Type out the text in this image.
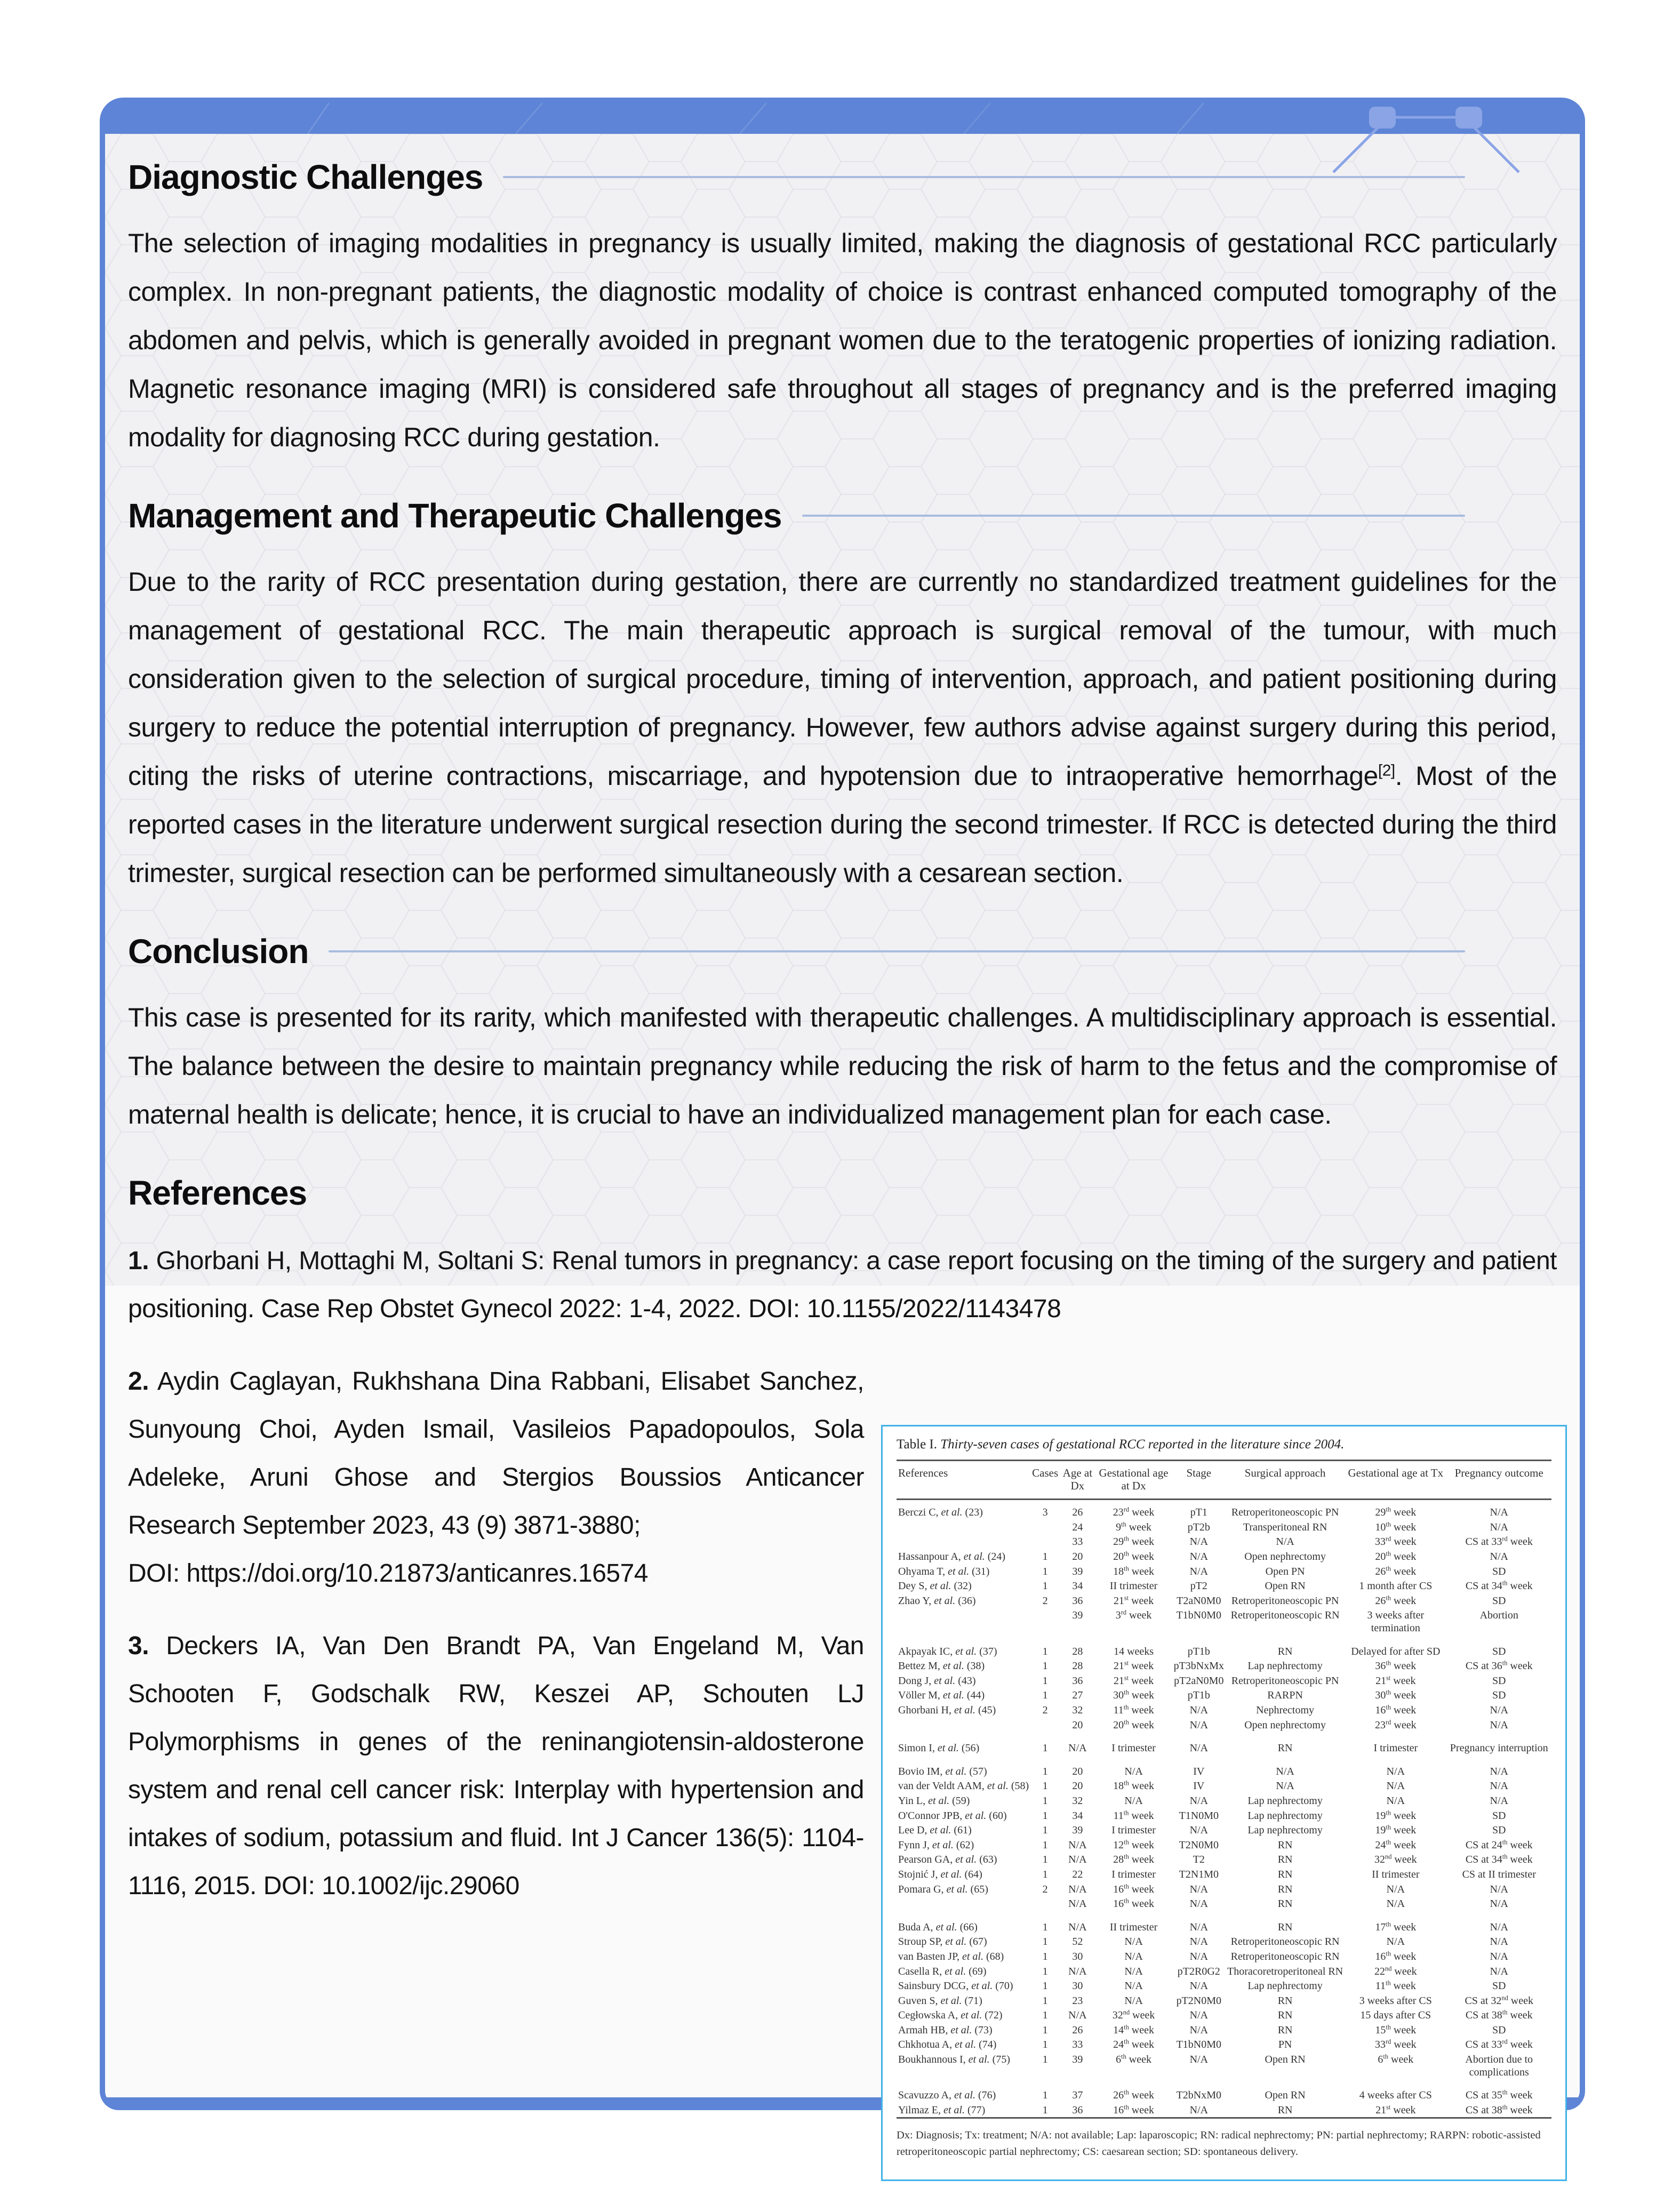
Diagnostic Challenges

The selection of imaging modalities in pregnancy is usually limited, making the diagnosis of gestational RCC particularly complex. In non-pregnant patients, the diagnostic modality of choice is contrast enhanced computed tomography of the abdomen and pelvis, which is generally avoided in pregnant women due to the teratogenic properties of ionizing radiation. Magnetic resonance imaging (MRI) is considered safe throughout all stages of pregnancy and is the preferred imaging modality for diagnosing RCC during gestation.

Management and Therapeutic Challenges

Due to the rarity of RCC presentation during gestation, there are currently no standardized treatment guidelines for the management of gestational RCC. The main therapeutic approach is surgical removal of the tumour, with much consideration given to the selection of surgical procedure, timing of intervention, approach, and patient positioning during surgery to reduce the potential interruption of pregnancy. However, few authors advise against surgery during this period, citing the risks of uterine contractions, miscarriage, and hypotension due to intraoperative hemorrhage[2]. Most of the reported cases in the literature underwent surgical resection during the second trimester. If RCC is detected during the third trimester, surgical resection can be performed simultaneously with a cesarean section.

Conclusion

This case is presented for its rarity, which manifested with therapeutic challenges. A multidisciplinary approach is essential. The balance between the desire to maintain pregnancy while reducing the risk of harm to the fetus and the compromise of maternal health is delicate; hence, it is crucial to have an individualized management plan for each case.

References

1. Ghorbani H, Mottaghi M, Soltani S: Renal tumors in pregnancy: a case report focusing on the timing of the surgery and patient positioning. Case Rep Obstet Gynecol 2022: 1-4, 2022. DOI: 10.1155/2022/1143478

2. Aydin Caglayan, Rukhshana Dina Rabbani, Elisabet Sanchez, Sunyoung Choi, Ayden Ismail, Vasileios Papadopoulos, Sola Adeleke, Aruni Ghose and Stergios Boussios Anticancer Research September 2023, 43 (9) 3871-3880;
DOI: https://doi.org/10.21873/anticanres.16574

3. Deckers IA, Van Den Brandt PA, Van Engeland M, Van Schooten F, Godschalk RW, Keszei AP, Schouten LJ Polymorphisms in genes of the reninangiotensin-aldosterone system and renal cell cancer risk: Interplay with hypertension and intakes of sodium, potassium and fluid. Int J Cancer 136(5): 1104-1116, 2015. DOI: 10.1002/ijc.29060

Table I. Thirty-seven cases of gestational RCC reported in the literature since 2004.

References	Cases	Age at Dx	Gestational age at Dx	Stage	Surgical approach	Gestational age at Tx	Pregnancy outcome
Berczi C, et al. (23)	3	26	23rd week	pT1	Retroperitoneoscopic PN	29th week	N/A
		24	9th week	pT2b	Transperitoneal RN	10th week	N/A
		33	29th week	N/A	N/A	33rd week	CS at 33rd week
Hassanpour A, et al. (24)	1	20	20th week	N/A	Open nephrectomy	20th week	N/A
Ohyama T, et al. (31)	1	39	18th week	N/A	Open PN	26th week	SD
Dey S, et al. (32)	1	34	II trimester	pT2	Open RN	1 month after CS	CS at 34th week
Zhao Y, et al. (36)	2	36	21st week	T2aN0M0	Retroperitoneoscopic PN	26th week	SD
		39	3rd week	T1bN0M0	Retroperitoneoscopic RN	3 weeks after termination	Abortion
Akpayak IC, et al. (37)	1	28	14 weeks	pT1b	RN	Delayed for after SD	SD
Bettez M, et al. (38)	1	28	21st week	pT3bNxMx	Lap nephrectomy	36th week	CS at 36th week
Dong J, et al. (43)	1	36	21st week	pT2aN0M0	Retroperitoneoscopic PN	21st week	SD
Völler M, et al. (44)	1	27	30th week	pT1b	RARPN	30th week	SD
Ghorbani H, et al. (45)	2	32	11th week	N/A	Nephrectomy	16th week	N/A
		20	20th week	N/A	Open nephrectomy	23rd week	N/A
Simon I, et al. (56)	1	N/A	I trimester	N/A	RN	I trimester	Pregnancy interruption
Bovio IM, et al. (57)	1	20	N/A	IV	N/A	N/A	N/A
van der Veldt AAM, et al. (58)	1	20	18th week	IV	N/A	N/A	N/A
Yin L, et al. (59)	1	32	N/A	N/A	Lap nephrectomy	N/A	N/A
O'Connor JPB, et al. (60)	1	34	11th week	T1N0M0	Lap nephrectomy	19th week	SD
Lee D, et al. (61)	1	39	I trimester	N/A	Lap nephrectomy	19th week	SD
Fynn J, et al. (62)	1	N/A	12th week	T2N0M0	RN	24th week	CS at 24th week
Pearson GA, et al. (63)	1	N/A	28th week	T2	RN	32nd week	CS at 34th week
Stojnić J, et al. (64)	1	22	I trimester	T2N1M0	RN	II trimester	CS at II trimester
Pomara G, et al. (65)	2	N/A	16th week	N/A	RN	N/A	N/A
		N/A	16th week	N/A	RN	N/A	N/A
Buda A, et al. (66)	1	N/A	II trimester	N/A	RN	17th week	N/A
Stroup SP, et al. (67)	1	52	N/A	N/A	Retroperitoneoscopic RN	N/A	N/A
van Basten JP, et al. (68)	1	30	N/A	N/A	Retroperitoneoscopic RN	16th week	N/A
Casella R, et al. (69)	1	N/A	N/A	pT2R0G2	Thoracoretroperitoneal RN	22nd week	N/A
Sainsbury DCG, et al. (70)	1	30	N/A	N/A	Lap nephrectomy	11th week	SD
Guven S, et al. (71)	1	23	N/A	pT2N0M0	RN	3 weeks after CS	CS at 32nd week
Cegłowska A, et al. (72)	1	N/A	32nd week	N/A	RN	15 days after CS	CS at 38th week
Armah HB, et al. (73)	1	26	14th week	N/A	RN	15th week	SD
Chkhotua A, et al. (74)	1	33	24th week	T1bN0M0	PN	33rd week	CS at 33rd week
Boukhannous I, et al. (75)	1	39	6th week	N/A	Open RN	6th week	Abortion due to complications
Scavuzzo A, et al. (76)	1	37	26th week	T2bNxM0	Open RN	4 weeks after CS	CS at 35th week
Yilmaz E, et al. (77)	1	36	16th week	N/A	RN	21st week	CS at 38th week

Dx: Diagnosis; Tx: treatment; N/A: not available; Lap: laparoscopic; RN: radical nephrectomy; PN: partial nephrectomy; RARPN: robotic-assisted retroperitoneoscopic partial nephrectomy; CS: caesarean section; SD: spontaneous delivery.
